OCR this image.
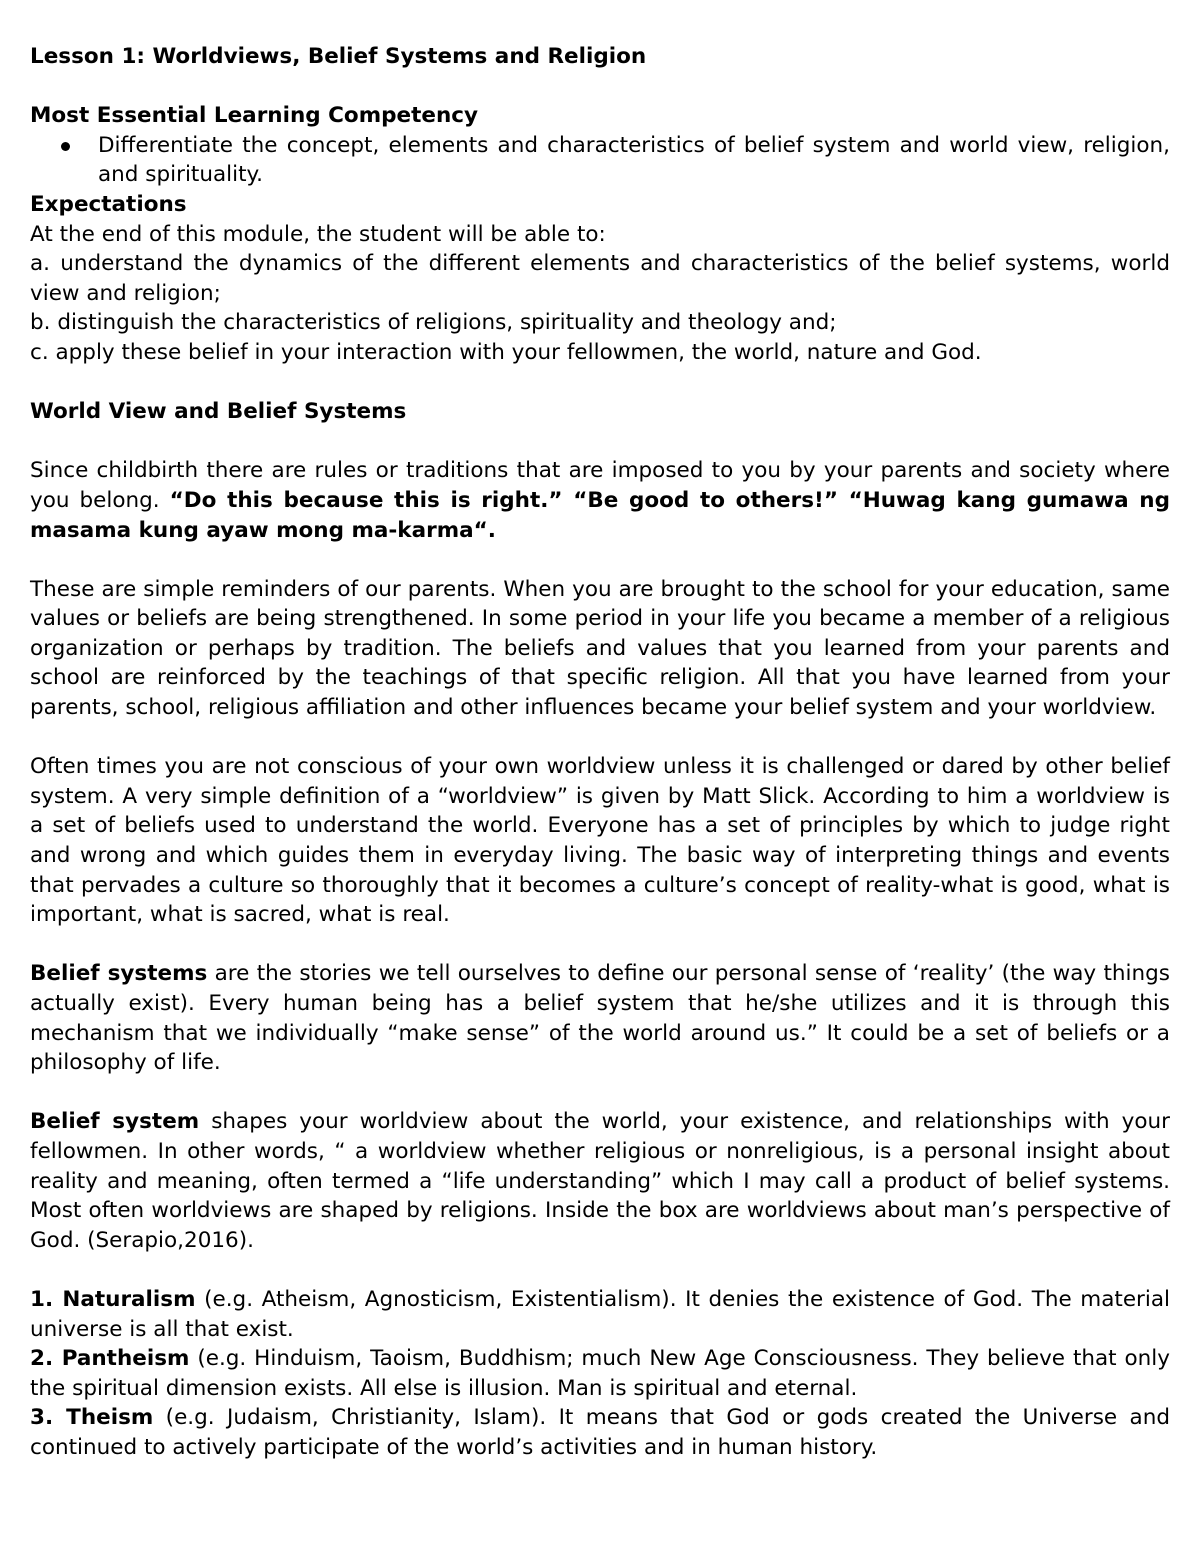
Lesson 1: Worldviews, Belief Systems and Religion

Most Essential Learning Competency

Differentiate the concept, elements and characteristics of belief system and world view, religion, and spirituality.

Expectations

At the end of this module, the student will be able to:

a. understand the dynamics of the different elements and characteristics of the belief systems, world view and religion;

b. distinguish the characteristics of religions, spirituality and theology and;

c. apply these belief in your interaction with your fellowmen, the world, nature and God.

World View and Belief Systems

Since childbirth there are rules or traditions that are imposed to you by your parents and society where you belong. “Do this because this is right.” “Be good to others!” “Huwag kang gumawa ng masama kung ayaw mong ma-karma“.

These are simple reminders of our parents. When you are brought to the school for your education, same values or beliefs are being strengthened. In some period in your life you became a member of a religious organization or perhaps by tradition. The beliefs and values that you learned from your parents and school are reinforced by the teachings of that specific religion. All that you have learned from your parents, school, religious affiliation and other influences became your belief system and your worldview.

Often times you are not conscious of your own worldview unless it is challenged or dared by other belief system. A very simple definition of a “worldview” is given by Matt Slick. According to him a worldview is a set of beliefs used to understand the world. Everyone has a set of principles by which to judge right and wrong and which guides them in everyday living. The basic way of interpreting things and events that pervades a culture so thoroughly that it becomes a culture’s concept of reality-what is good, what is important, what is sacred, what is real.

Belief systems are the stories we tell ourselves to define our personal sense of ‘reality’ (the way things actually exist). Every human being has a belief system that he/she utilizes and it is through this mechanism that we individually “make sense” of the world around us.” It could be a set of beliefs or a philosophy of life.

Belief system shapes your worldview about the world, your existence, and relationships with your fellowmen. In other words, “ a worldview whether religious or nonreligious, is a personal insight about reality and meaning, often termed a “life understanding” which I may call a product of belief systems. Most often worldviews are shaped by religions. Inside the box are worldviews about man’s perspective of God. (Serapio,2016).

1. Naturalism (e.g. Atheism, Agnosticism, Existentialism). It denies the existence of God. The material universe is all that exist.

2. Pantheism (e.g. Hinduism, Taoism, Buddhism; much New Age Consciousness. They believe that only the spiritual dimension exists. All else is illusion. Man is spiritual and eternal.

3. Theism (e.g. Judaism, Christianity, Islam). It means that God or gods created the Universe and continued to actively participate of the world’s activities and in human history.
